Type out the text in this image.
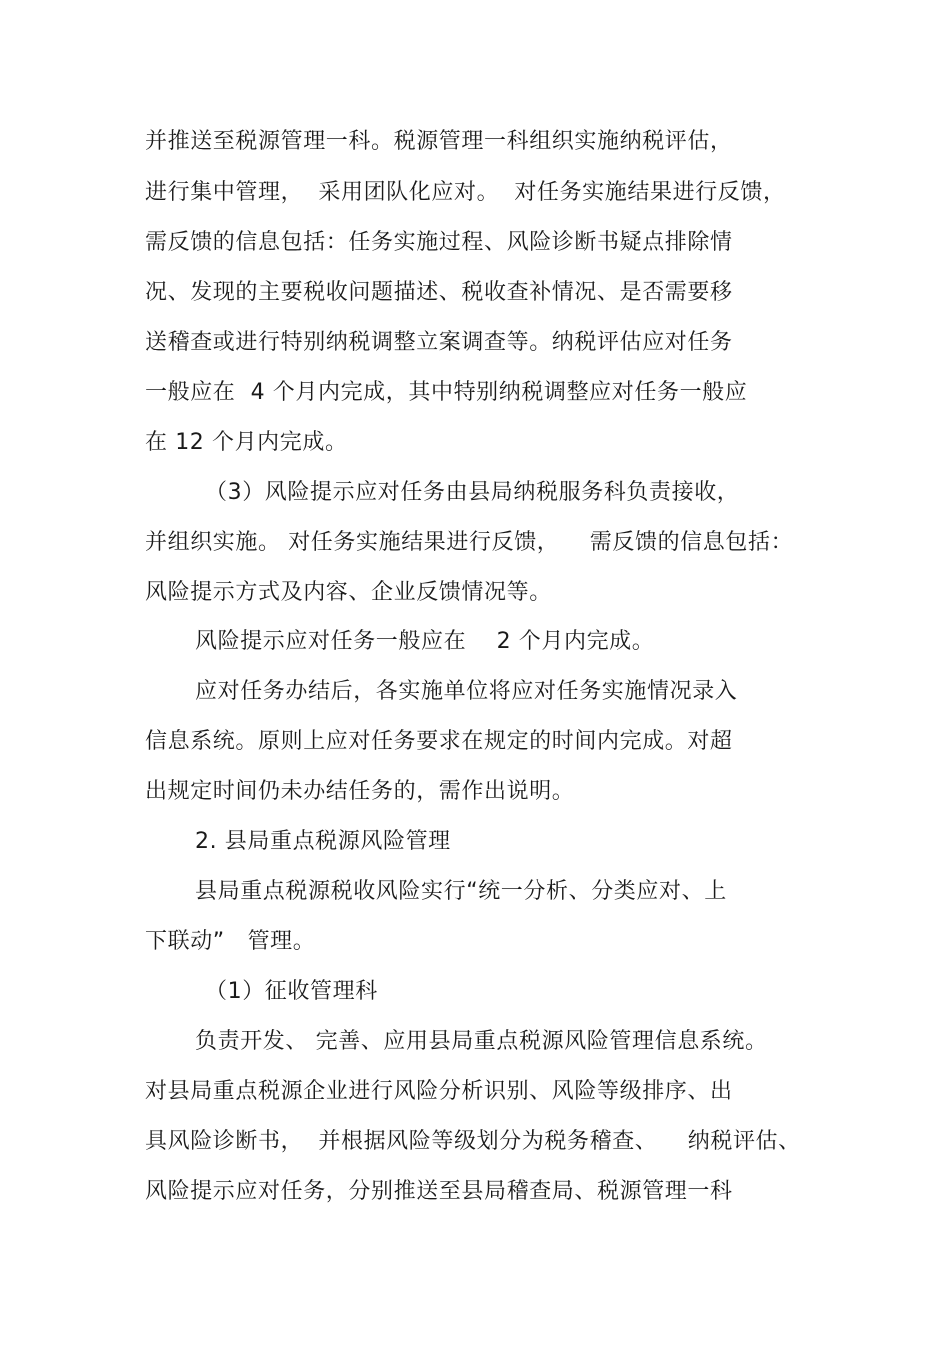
并推送至税源管理一科。税源管理一科组织实施纳税评估，
进行集中管理，  采用团队化应对。  对任务实施结果进行反馈，
需反馈的信息包括：任务实施过程、风险诊断书疑点排除情
况、发现的主要税收问题描述、税收查补情况、是否需要移
送稽查或进行特别纳税调整立案调查等。纳税评估应对任务
一般应在  4 个月内完成，其中特别纳税调整应对任务一般应
在 12 个月内完成。
（3）风险提示应对任务由县局纳税服务科负责接收，
并组织实施。 对任务实施结果进行反馈，    需反馈的信息包括：
风险提示方式及内容、企业反馈情况等。
风险提示应对任务一般应在    2 个月内完成。
应对任务办结后，各实施单位将应对任务实施情况录入
信息系统。原则上应对任务要求在规定的时间内完成。对超
出规定时间仍未办结任务的，需作出说明。
2. 县局重点税源风险管理
县局重点税源税收风险实行“统一分析、分类应对、上
下联动”   管理。
（1）征收管理科
负责开发、 完善、应用县局重点税源风险管理信息系统。
对县局重点税源企业进行风险分析识别、风险等级排序、出
具风险诊断书，  并根据风险等级划分为税务稽查、    纳税评估、
风险提示应对任务，分别推送至县局稽查局、税源管理一科
